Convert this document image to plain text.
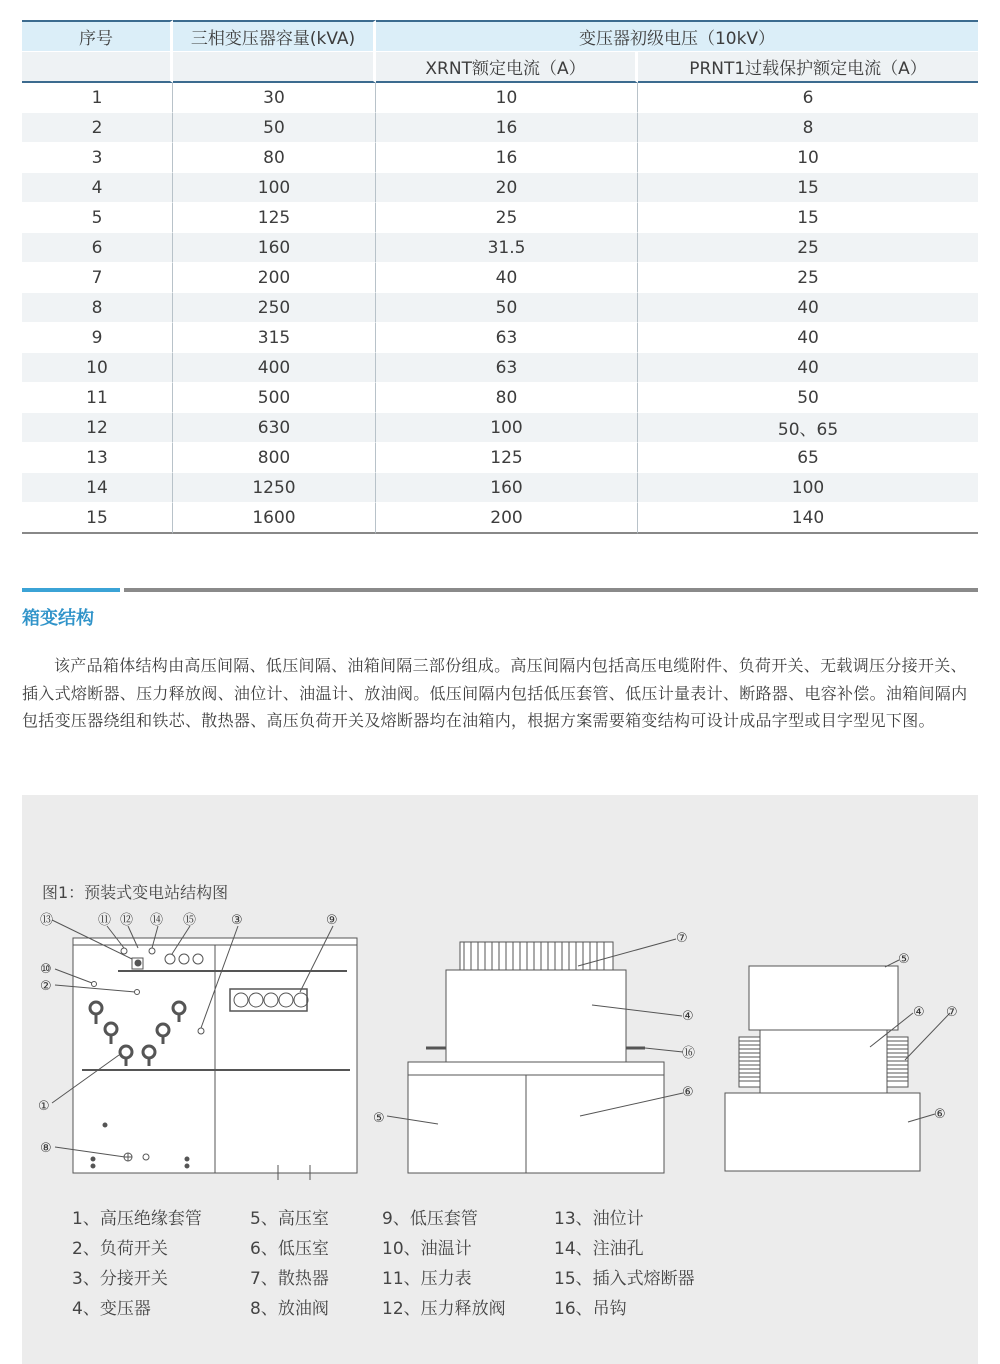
序号	三相变压器容量(kVA)	变压器初级电压（10kV）	
		XRNT额定电流（A）	PRNT1过载保护额定电流（A）
1	30	10	6
2	50	16	8
3	80	16	10
4	100	20	15
5	125	25	15
6	160	31.5	25
7	200	40	25
8	250	50	40
9	315	63	40
10	400	63	40
11	500	80	50
12	630	100	50、65
13	800	125	65
14	1250	160	100
15	1600	200	140
箱变结构
该产品箱体结构由高压间隔、低压间隔、油箱间隔三部份组成。高压间隔内包括高压电缆附件、负荷开关、无载调压分接开关、插入式熔断器、压力释放阀、油位计、油温计、放油阀。低压间隔内包括低压套管、低压计量表计、断路器、电容补偿。油箱间隔内包括变压器绕组和铁芯、散热器、高压负荷开关及熔断器均在油箱内，根据方案需要箱变结构可设计成品字型或目字型见下图。
图1：预装式变电站结构图
⑬	⑪ ⑫ ⑭ ⑮	③	⑨
⑩
②
①
⑧
⑦
④
⑯
⑥
⑤
⑤
④ ⑦
⑥
1、高压绝缘套管
2、负荷开关
3、分接开关
4、变压器
5、高压室
6、低压室
7、散热器
8、放油阀
9、低压套管
10、油温计
11、压力表
12、压力释放阀
13、油位计
14、注油孔
15、插入式熔断器
16、吊钩
